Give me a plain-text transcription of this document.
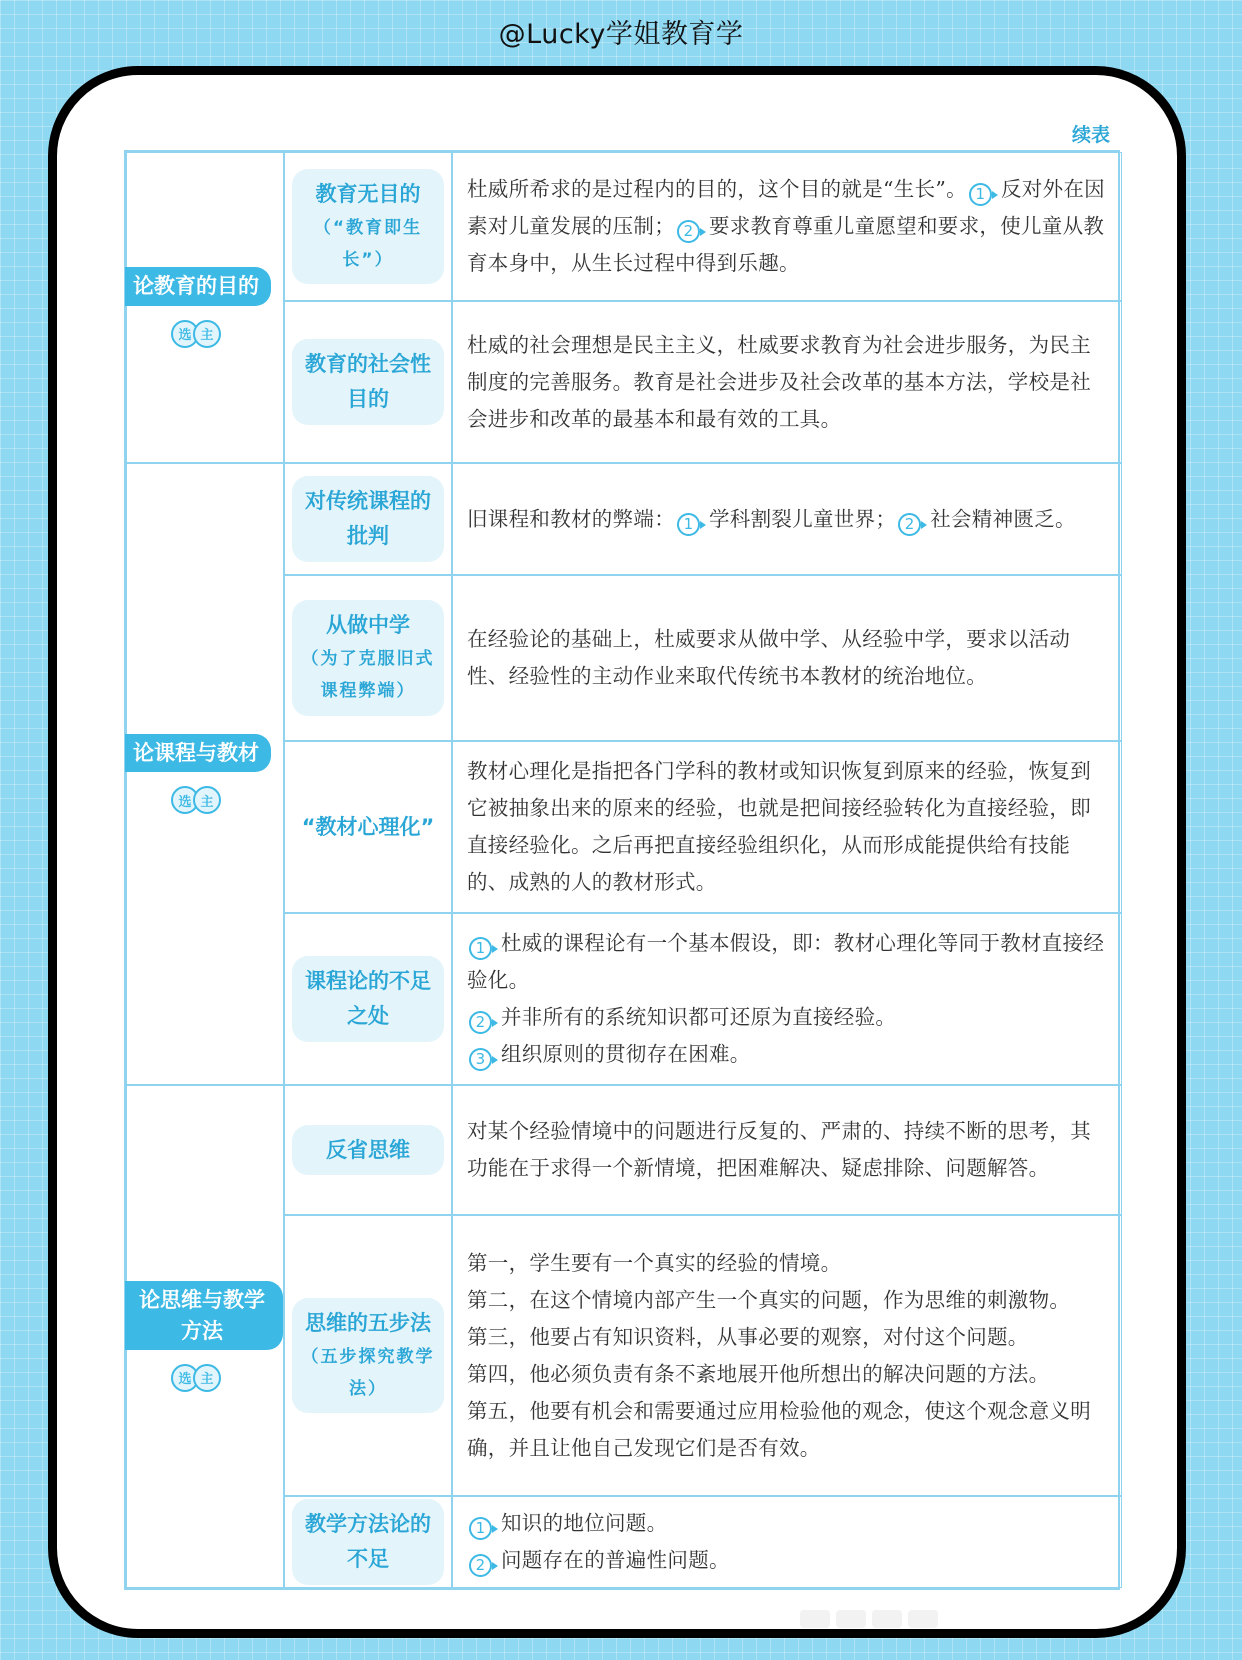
@Lucky学姐教育学
续表
论教育的目的
选 主
教育无目的
（“教育即生长”）

杜威所希求的是过程内的目的，这个目的就是“生长”。 1 反对外在因素对儿童发展的压制； 2 要求教育尊重儿童愿望和要求，使儿童从教育本身中，从生长过程中得到乐趣。

教育的社会性目的

杜威的社会理想是民主主义，杜威要求教育为社会进步服务，为民主制度的完善服务。教育是社会进步及社会改革的基本方法，学校是社会进步和改革的最基本和最有效的工具。

论课程与教材
选 主
对传统课程的批判

旧课程和教材的弊端： 1 学科割裂儿童世界； 2 社会精神匮乏。

从做中学
（为了克服旧式课程弊端）

在经验论的基础上，杜威要求从做中学、从经验中学，要求以活动性、经验性的主动作业来取代传统书本教材的统治地位。

“教材心理化”

教材心理化是指把各门学科的教材或知识恢复到原来的经验，恢复到它被抽象出来的原来的经验，也就是把间接经验转化为直接经验，即直接经验化。之后再把直接经验组织化，从而形成能提供给有技能的、成熟的人的教材形式。

课程论的不足之处

1 杜威的课程论有一个基本假设，即：教材心理化等同于教材直接经验化。

2 并非所有的系统知识都可还原为直接经验。

3 组织原则的贯彻存在困难。

论思维与教学方法
选 主
反省思维

对某个经验情境中的问题进行反复的、严肃的、持续不断的思考，其功能在于求得一个新情境，把困难解决、疑虑排除、问题解答。

思维的五步法
（五步探究教学法）

第一，学生要有一个真实的经验的情境。

第二，在这个情境内部产生一个真实的问题，作为思维的刺激物。

第三，他要占有知识资料，从事必要的观察，对付这个问题。

第四，他必须负责有条不紊地展开他所想出的解决问题的方法。

第五，他要有机会和需要通过应用检验他的观念，使这个观念意义明确，并且让他自己发现它们是否有效。

教学方法论的不足

1 知识的地位问题。

2 问题存在的普遍性问题。
